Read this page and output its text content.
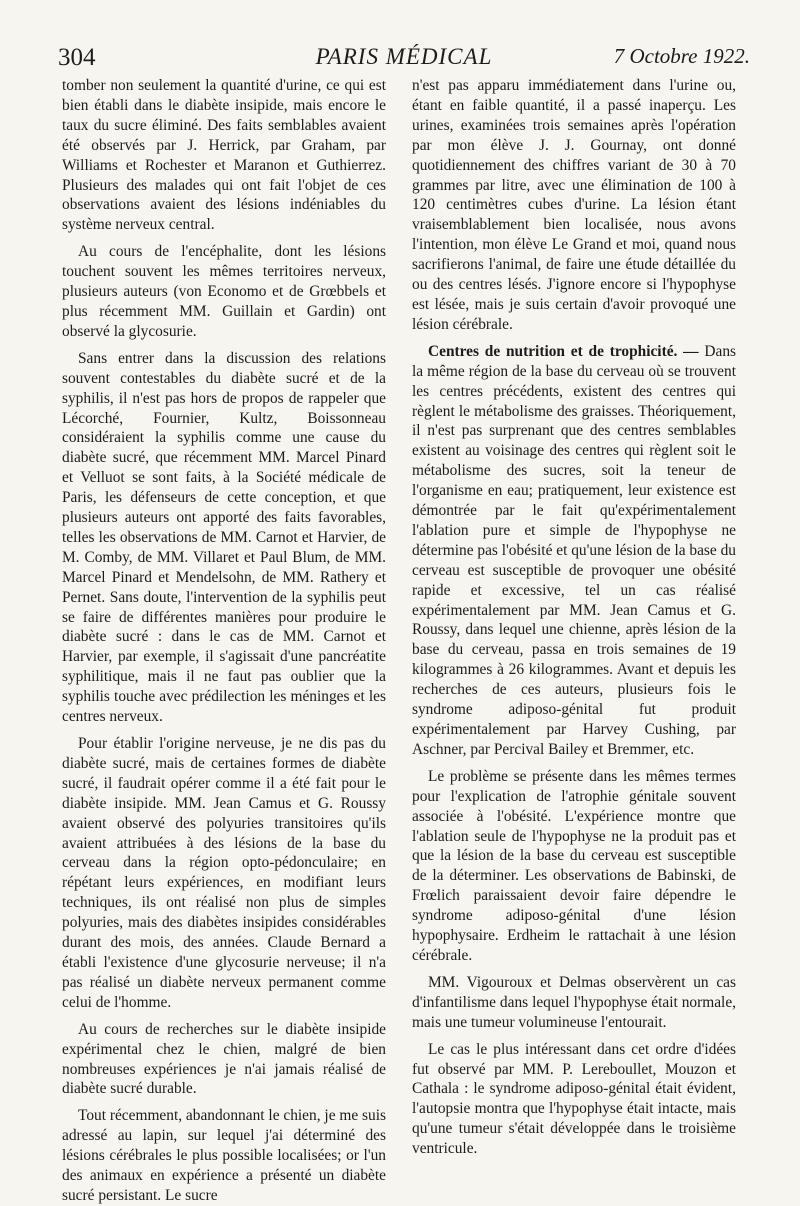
304	PARIS MÉDICAL	7 Octobre 1922.

tomber non seulement la quantité d'urine, ce qui est bien établi dans le diabète insipide, mais encore le taux du sucre éliminé. Des faits semblables avaient été observés par J. Herrick, par Graham, par Williams et Rochester et Maranon et Guthierrez. Plusieurs des malades qui ont fait l'objet de ces observations avaient des lésions indéniables du système nerveux central.

Au cours de l'encéphalite, dont les lésions touchent souvent les mêmes territoires nerveux, plusieurs auteurs (von Economo et de Grœbbels et plus récemment MM. Guillain et Gardin) ont observé la glycosurie.

Sans entrer dans la discussion des relations souvent contestables du diabète sucré et de la syphilis, il n'est pas hors de propos de rappeler que Lécorché, Fournier, Kultz, Boissonneau considéraient la syphilis comme une cause du diabète sucré, que récemment MM. Marcel Pinard et Velluot se sont faits, à la Société médicale de Paris, les défenseurs de cette conception, et que plusieurs auteurs ont apporté des faits favorables, telles les observations de MM. Carnot et Harvier, de M. Comby, de MM. Villaret et Paul Blum, de MM. Marcel Pinard et Mendelsohn, de MM. Rathery et Pernet. Sans doute, l'intervention de la syphilis peut se faire de différentes manières pour produire le diabète sucré : dans le cas de MM. Carnot et Harvier, par exemple, il s'agissait d'une pancréatite syphilitique, mais il ne faut pas oublier que la syphilis touche avec prédilection les méninges et les centres nerveux.

Pour établir l'origine nerveuse, je ne dis pas du diabète sucré, mais de certaines formes de diabète sucré, il faudrait opérer comme il a été fait pour le diabète insipide. MM. Jean Camus et G. Roussy avaient observé des polyuries transitoires qu'ils avaient attribuées à des lésions de la base du cerveau dans la région opto-pédonculaire; en répétant leurs expériences, en modifiant leurs techniques, ils ont réalisé non plus de simples polyuries, mais des diabètes insipides considérables durant des mois, des années. Claude Bernard a établi l'existence d'une glycosurie nerveuse; il n'a pas réalisé un diabète nerveux permanent comme celui de l'homme.

Au cours de recherches sur le diabète insipide expérimental chez le chien, malgré de bien nombreuses expériences je n'ai jamais réalisé de diabète sucré durable.

Tout récemment, abandonnant le chien, je me suis adressé au lapin, sur lequel j'ai déterminé des lésions cérébrales le plus possible localisées; or l'un des animaux en expérience a présenté un diabète sucré persistant. Le sucre

n'est pas apparu immédiatement dans l'urine ou, étant en faible quantité, il a passé inaperçu. Les urines, examinées trois semaines après l'opération par mon élève J. J. Gournay, ont donné quotidiennement des chiffres variant de 30 à 70 grammes par litre, avec une élimination de 100 à 120 centimètres cubes d'urine. La lésion étant vraisemblablement bien localisée, nous avons l'intention, mon élève Le Grand et moi, quand nous sacrifierons l'animal, de faire une étude détaillée du ou des centres lésés. J'ignore encore si l'hypophyse est lésée, mais je suis certain d'avoir provoqué une lésion cérébrale.

Centres de nutrition et de trophicité. — Dans la même région de la base du cerveau où se trouvent les centres précédents, existent des centres qui règlent le métabolisme des graisses. Théoriquement, il n'est pas surprenant que des centres semblables existent au voisinage des centres qui règlent soit le métabolisme des sucres, soit la teneur de l'organisme en eau; pratiquement, leur existence est démontrée par le fait qu'expérimentalement l'ablation pure et simple de l'hypophyse ne détermine pas l'obésité et qu'une lésion de la base du cerveau est susceptible de provoquer une obésité rapide et excessive, tel un cas réalisé expérimentalement par MM. Jean Camus et G. Roussy, dans lequel une chienne, après lésion de la base du cerveau, passa en trois semaines de 19 kilogrammes à 26 kilogrammes. Avant et depuis les recherches de ces auteurs, plusieurs fois le syndrome adiposo-génital fut produit expérimentalement par Harvey Cushing, par Aschner, par Percival Bailey et Bremmer, etc.

Le problème se présente dans les mêmes termes pour l'explication de l'atrophie génitale souvent associée à l'obésité. L'expérience montre que l'ablation seule de l'hypophyse ne la produit pas et que la lésion de la base du cerveau est susceptible de la déterminer. Les observations de Babinski, de Frœlich paraissaient devoir faire dépendre le syndrome adiposo-génital d'une lésion hypophysaire. Erdheim le rattachait à une lésion cérébrale.

MM. Vigouroux et Delmas observèrent un cas d'infantilisme dans lequel l'hypophyse était normale, mais une tumeur volumineuse l'entourait.

Le cas le plus intéressant dans cet ordre d'idées fut observé par MM. P. Lereboullet, Mouzon et Cathala : le syndrome adiposo-génital était évident, l'autopsie montra que l'hypophyse était intacte, mais qu'une tumeur s'était développée dans le troisième ventricule.
